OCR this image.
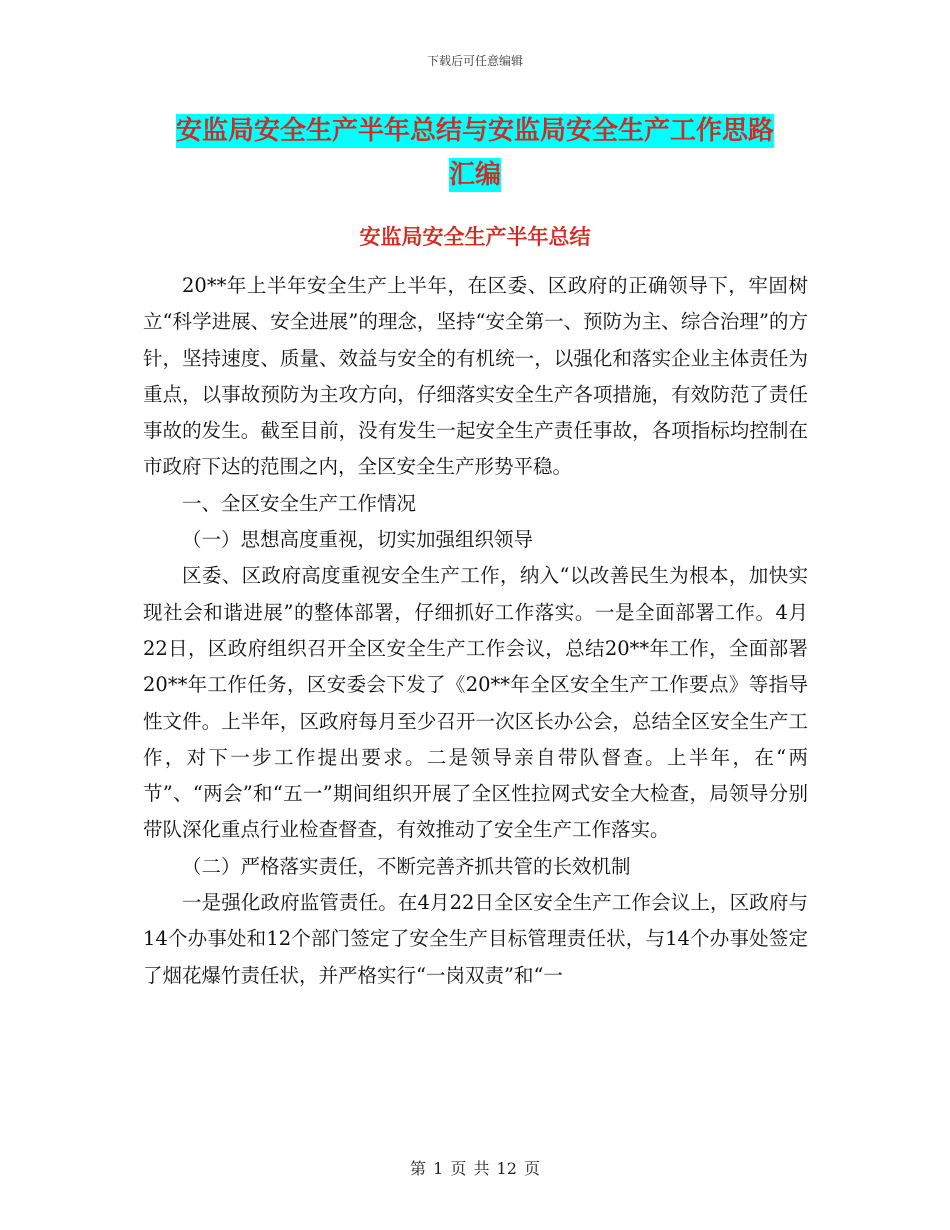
下载后可任意编辑
安监局安全生产半年总结与安监局安全生产工作思路
汇编
安监局安全生产半年总结

20**年上半年安全生产上半年，在区委、区政府的正确领导下，牢固树立“科学进展、安全进展”的理念，坚持“安全第一、预防为主、综合治理”的方针，坚持速度、质量、效益与安全的有机统一，以强化和落实企业主体责任为重点，以事故预防为主攻方向，仔细落实安全生产各项措施，有效防范了责任事故的发生。截至目前，没有发生一起安全生产责任事故，各项指标均控制在市政府下达的范围之内，全区安全生产形势平稳。

一、全区安全生产工作情况

（一）思想高度重视，切实加强组织领导

区委、区政府高度重视安全生产工作，纳入“以改善民生为根本，加快实现社会和谐进展”的整体部署，仔细抓好工作落实。一是全面部署工作。4月22日，区政府组织召开全区安全生产工作会议，总结20**年工作，全面部署20**年工作任务，区安委会下发了《20**年全区安全生产工作要点》等指导性文件。上半年，区政府每月至少召开一次区长办公会，总结全区安全生产工作，对下一步工作提出要求。二是领导亲自带队督查。上半年，在“两节”、“两会”和“五一”期间组织开展了全区性拉网式安全大检查，局领导分别带队深化重点行业检查督查，有效推动了安全生产工作落实。

（二）严格落实责任，不断完善齐抓共管的长效机制

一是强化政府监管责任。在4月22日全区安全生产工作会议上，区政府与14个办事处和12个部门签定了安全生产目标管理责任状，与14个办事处签定了烟花爆竹责任状，并严格实行“一岗双责”和“一

第 1 页 共 12 页
